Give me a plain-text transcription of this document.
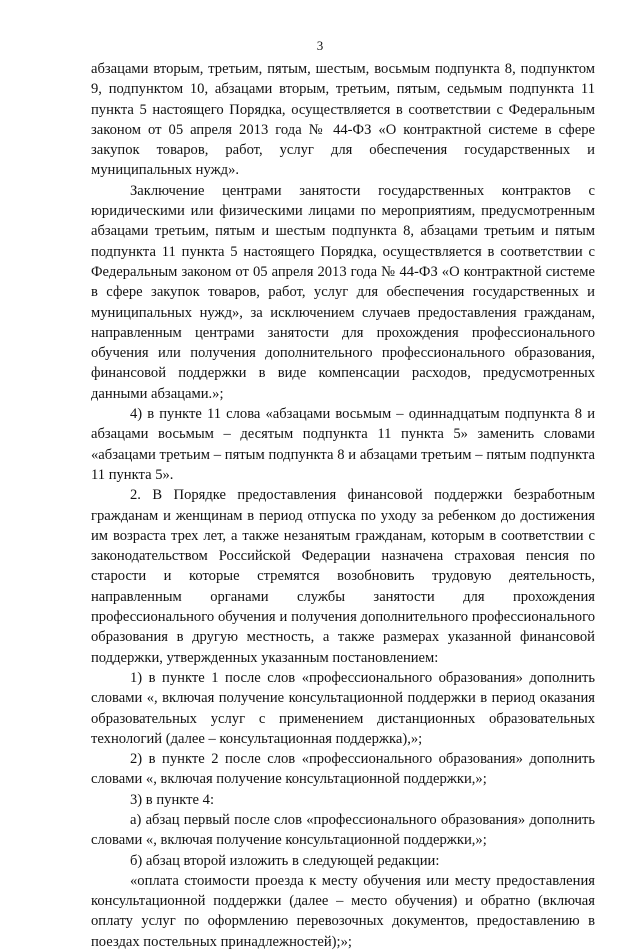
3

абзацами вторым, третьим, пятым, шестым, восьмым подпункта 8, подпунктом 9, подпунктом 10, абзацами вторым, третьим, пятым, седьмым подпункта 11 пункта 5 настоящего Порядка, осуществляется в соответствии с Федеральным законом от 05 апреля 2013 года № 44-ФЗ «О контрактной системе в сфере закупок товаров, работ, услуг для обеспечения государственных и муниципальных нужд».

Заключение центрами занятости государственных контрактов с юридическими или физическими лицами по мероприятиям, предусмотренным абзацами третьим, пятым и шестым подпункта 8, абзацами третьим и пятым подпункта 11 пункта 5 настоящего Порядка, осуществляется в соответствии с Федеральным законом от 05 апреля 2013 года № 44-ФЗ «О контрактной системе в сфере закупок товаров, работ, услуг для обеспечения государственных и муниципальных нужд», за исключением случаев предоставления гражданам, направленным центрами занятости для прохождения профессионального обучения или получения дополнительного профессионального образования, финансовой поддержки в виде компенсации расходов, предусмотренных данными абзацами.»;

4) в пункте 11 слова «абзацами восьмым – одиннадцатым подпункта 8 и абзацами восьмым – десятым подпункта 11 пункта 5» заменить словами «абзацами третьим – пятым подпункта 8 и абзацами третьим – пятым подпункта 11 пункта 5».

2. В Порядке предоставления финансовой поддержки безработным гражданам и женщинам в период отпуска по уходу за ребенком до достижения им возраста трех лет, а также незанятым гражданам, которым в соответствии с законодательством Российской Федерации назначена страховая пенсия по старости и которые стремятся возобновить трудовую деятельность, направленным органами службы занятости для прохождения профессионального обучения и получения дополнительного профессионального образования в другую местность, а также размерах указанной финансовой поддержки, утвержденных указанным постановлением:

1) в пункте 1 после слов «профессионального образования» дополнить словами «, включая получение консультационной поддержки в период оказания образовательных услуг с применением дистанционных образовательных технологий (далее – консультационная поддержка),»;

2) в пункте 2 после слов «профессионального образования» дополнить словами «, включая получение консультационной поддержки,»;

3) в пункте 4:

а) абзац первый после слов «профессионального образования» дополнить словами «, включая получение консультационной поддержки,»;

б) абзац второй изложить в следующей редакции:

«оплата стоимости проезда к месту обучения или месту предоставления консультационной поддержки (далее – место обучения) и обратно (включая оплату услуг по оформлению перевозочных документов, предоставлению в поездах постельных принадлежностей);»;
